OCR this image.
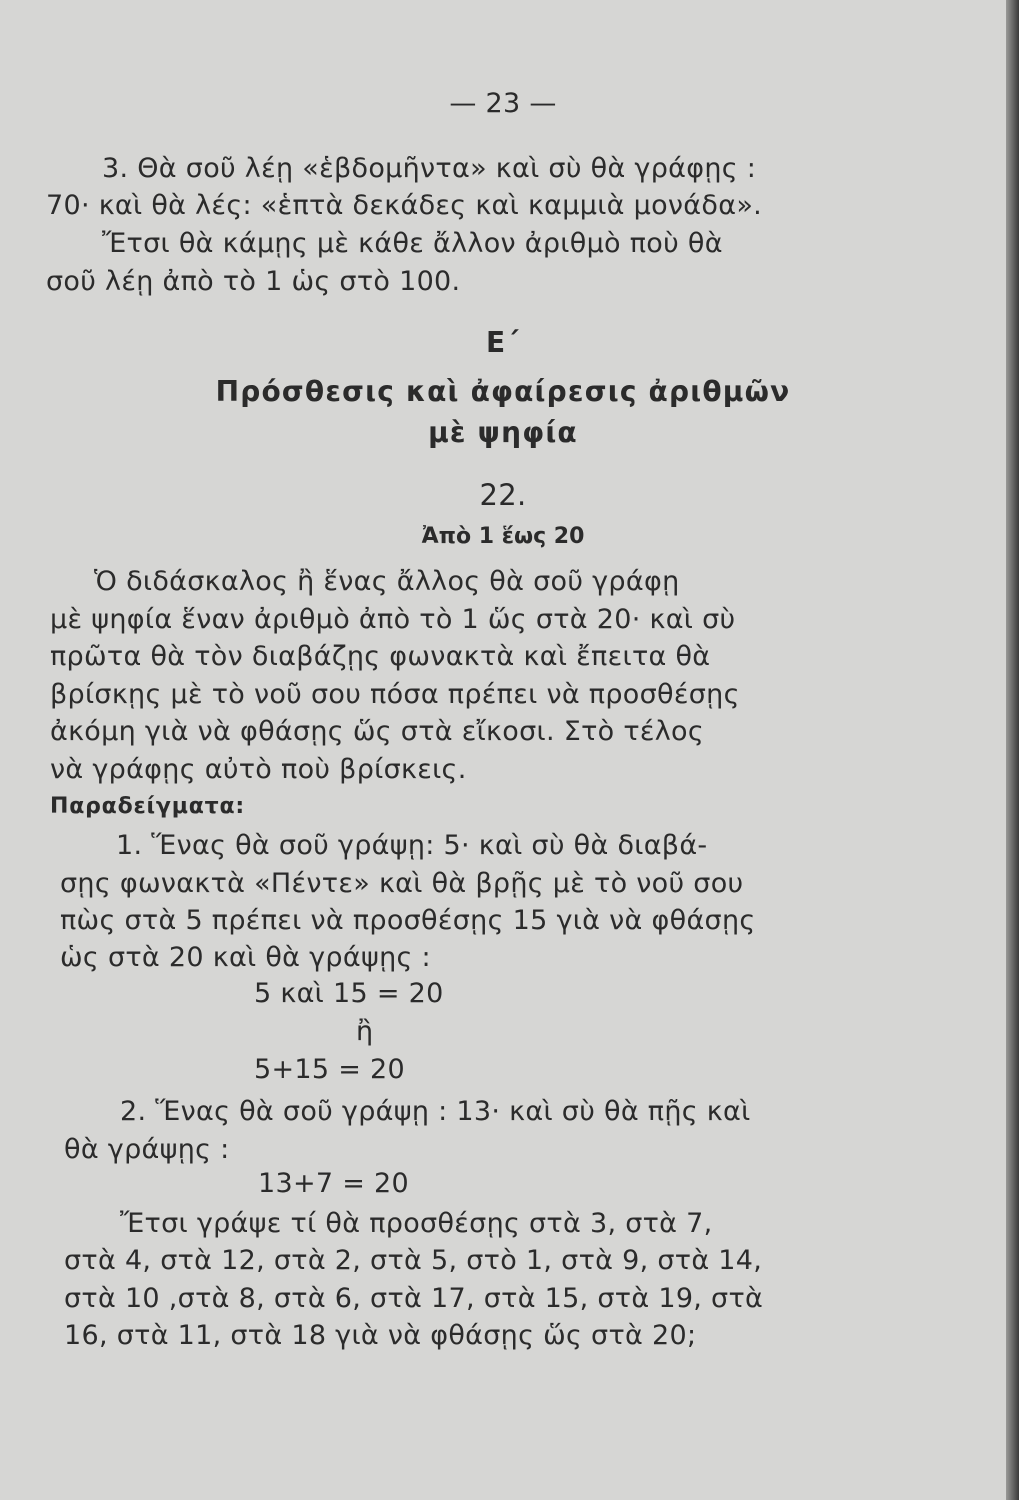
— 23 —
3. Θὰ σοῦ λέῃ «ἑβδομῆντα» καὶ σὺ θὰ γράφῃς :
70· καὶ θὰ λές: «ἑπτὰ δεκάδες καὶ καμμιὰ μονάδα».
Ἔτσι θὰ κάμῃς μὲ κάθε ἄλλον ἀριθμὸ ποὺ θὰ
σοῦ λέῃ ἀπὸ τὸ 1 ὡς στὸ 100.
Ε΄
Πρόσθεσις καὶ ἀφαίρεσις ἀριθμῶν
μὲ ψηφία
22.
Ἀπὸ 1 ἕως 20
Ὁ διδάσκαλος ἢ ἕνας ἄλλος θὰ σοῦ γράφῃ
μὲ ψηφία ἕναν ἀριθμὸ ἀπὸ τὸ 1 ὥς στὰ 20· καὶ σὺ
πρῶτα θὰ τὸν διαβάζῃς φωνακτὰ καὶ ἔπειτα θὰ
βρίσκῃς μὲ τὸ νοῦ σου πόσα πρέπει νὰ προσθέσῃς
ἀκόμη γιὰ νὰ φθάσῃς ὥς στὰ εἴκοσι. Στὸ τέλος
νὰ γράφῃς αὐτὸ ποὺ βρίσκεις.
Παραδείγματα:
1. Ἕνας θὰ σοῦ γράψῃ: 5· καὶ σὺ θὰ διαβά-
σῃς φωνακτὰ «Πέντε» καὶ θὰ βρῇς μὲ τὸ νοῦ σου
πὼς στὰ 5 πρέπει νὰ προσθέσῃς 15 γιὰ νὰ φθάσῃς
ὡς στὰ 20 καὶ θὰ γράψῃς :
5 καὶ 15 = 20
ἢ
5+15 = 20
2. Ἕνας θὰ σοῦ γράψῃ : 13· καὶ σὺ θὰ πῇς καὶ
θὰ γράψῃς :
13+7 = 20
Ἔτσι γράψε τί θὰ προσθέσῃς στὰ 3, στὰ 7,
στὰ 4, στὰ 12, στὰ 2, στὰ 5, στὸ 1, στὰ 9, στὰ 14,
στὰ 10 ,στὰ 8, στὰ 6, στὰ 17, στὰ 15, στὰ 19, στὰ
16, στὰ 11, στὰ 18 γιὰ νὰ φθάσῃς ὥς στὰ 20;
